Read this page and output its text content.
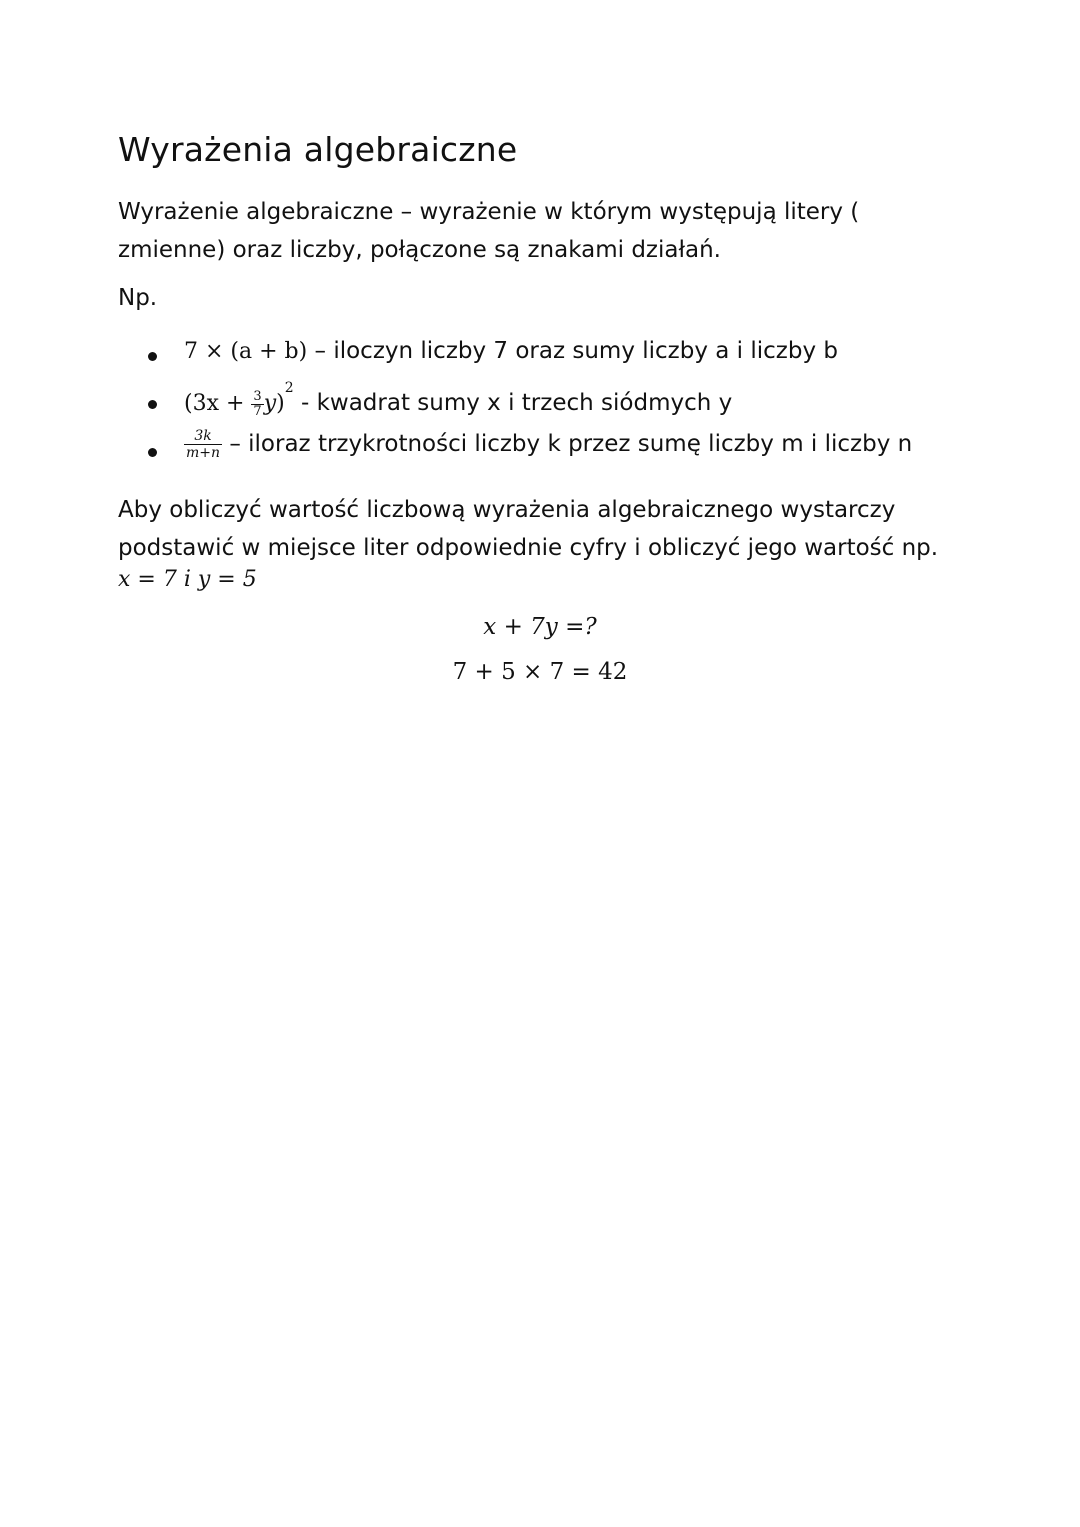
Wyrażenia algebraiczne
Wyrażenie algebraiczne – wyrażenie w którym występują litery (
zmienne) oraz liczby, połączone są znakami działań.
Np.
7 × (a + b) – iloczyn liczby 7 oraz sumy liczby a i liczby b
$(3x + \frac{3}{7} y)^2$ - kwadrat sumy x i trzech siódmych y
$\frac{3k}{m+n}$ – iloraz trzykrotności liczby k przez sumę liczby m i liczby n
Aby obliczyć wartość liczbową wyrażenia algebraicznego wystarczy
podstawić w miejsce liter odpowiednie cyfry i obliczyć jego wartość np.
x = 7 i y = 5
x + 7y =?
7 + 5 × 7 = 42
